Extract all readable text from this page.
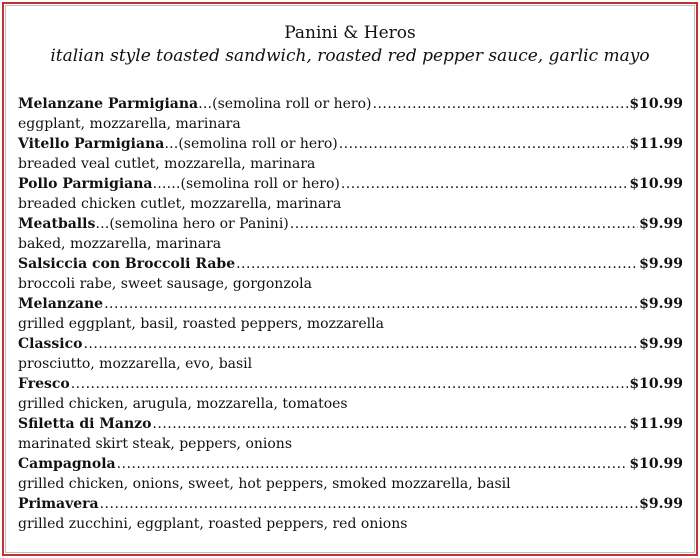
Panini & Heros
italian style toasted sandwich, roasted red pepper sauce, garlic mayo
Melanzane Parmigiana … (semolina roll or hero) .....	$10.99
eggplant, mozzarella, marinara
Vitello Parmigiana … (semolina roll or hero) .....	$11.99
breaded veal cutlet, mozzarella, marinara
Pollo Parmigiana …… (semolina roll or hero) .....	$10.99
breaded chicken cutlet, mozzarella, marinara
Meatballs … (semolina hero or Panini) .....	$9.99
baked, mozzarella, marinara
Salsiccia con Broccoli Rabe .....	$9.99
broccoli rabe, sweet sausage, gorgonzola
Melanzane .....	$9.99
grilled eggplant, basil, roasted peppers, mozzarella
Classico .....	$9.99
prosciutto, mozzarella, evo, basil
Fresco .....	$10.99
grilled chicken, arugula, mozzarella, tomatoes
Sfiletta di Manzo .....	$11.99
marinated skirt steak, peppers, onions
Campagnola .....	$10.99
grilled chicken, onions, sweet, hot peppers, smoked mozzarella, basil
Primavera .....	$9.99
grilled zucchini, eggplant, roasted peppers, red onions
